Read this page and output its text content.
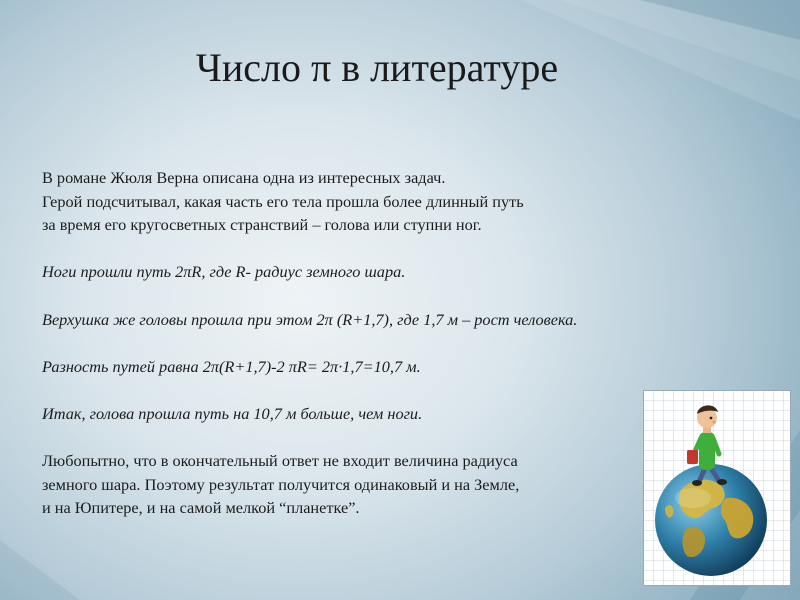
Число π в литературе

В романе Жюля Верна описана одна из интересных задач.

Герой подсчитывал, какая часть его тела прошла более длинный путь

за время его кругосветных странствий – голова или ступни ног.

Ноги прошли путь 2πR, где R- радиус земного шара.

Верхушка же головы прошла при этом 2π (R+1,7), где 1,7 м – рост человека.

Разность путей равна 2π(R+1,7)-2 πR= 2π·1,7=10,7 м.

Итак, голова прошла путь на 10,7 м больше, чем ноги.

Любопытно, что в окончательный ответ не входит величина радиуса

земного шара. Поэтому результат получится одинаковый и на Земле,

и на Юпитере, и на самой мелкой “планетке”.
